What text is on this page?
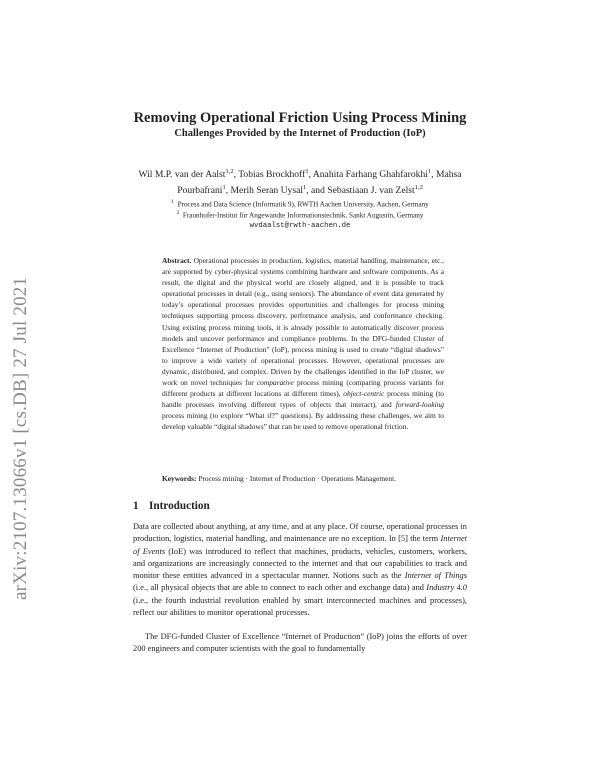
arXiv:2107.13066v1 [cs.DB] 27 Jul 2021
Removing Operational Friction Using Process Mining
Challenges Provided by the Internet of Production (IoP)
Wil M.P. van der Aalst$^{1,2}$, Tobias Brockhoff$^1$, Anahita Farhang Ghahfarokhi$^1$, Mahsa Pourbafrani$^1$, Merih Seran Uysal$^1$, and Sebastiaan J. van Zelst$^{1,2}$
$^1$ Process and Data Science (Informatik 9), RWTH Aachen University, Aachen, Germany
$^2$ Fraunhofer-Institut für Angewandte Informationstechnik, Sankt Augustin, Germany
wvdaalst@rwth-aachen.de
Abstract. Operational processes in production, logistics, material handling, maintenance, etc., are supported by cyber-physical systems combining hardware and software components. As a result, the digital and the physical world are closely aligned, and it is possible to track operational processes in detail (e.g., using sensors). The abundance of event data generated by today’s operational processes provides opportunities and challenges for process mining techniques supporting process discovery, performance analysis, and conformance checking. Using existing process mining tools, it is already possible to automatically discover process models and uncover performance and compliance problems. In the DFG-funded Cluster of Excellence “Internet of Production” (IoP), process mining is used to create “digital shadows” to improve a wide variety of operational processes. However, operational processes are dynamic, distributed, and complex. Driven by the challenges identified in the IoP cluster, we work on novel techniques for comparative process mining (comparing process variants for different products at different locations at different times), object-centric process mining (to handle processes involving different types of objects that interact), and forward-looking process mining (to explore “What if?” questions). By addressing these challenges, we aim to develop valuable “digital shadows” that can be used to remove operational friction.
Keywords: Process mining · Internet of Production · Operations Management.
1 Introduction
Data are collected about anything, at any time, and at any place. Of course, operational processes in production, logistics, material handling, and maintenance are no exception. In [5] the term Internet of Events (IoE) was introduced to reflect that machines, products, vehicles, customers, workers, and organizations are increasingly connected to the internet and that our capabilities to track and monitor these entities advanced in a spectacular manner. Notions such as the Internet of Things (i.e., all physical objects that are able to connect to each other and exchange data) and Industry 4.0 (i.e., the fourth industrial revolution enabled by smart interconnected machines and processes), reflect our abilities to monitor operational processes.
The DFG-funded Cluster of Excellence “Internet of Production” (IoP) joins the efforts of over 200 engineers and computer scientists with the goal to fundamentally
